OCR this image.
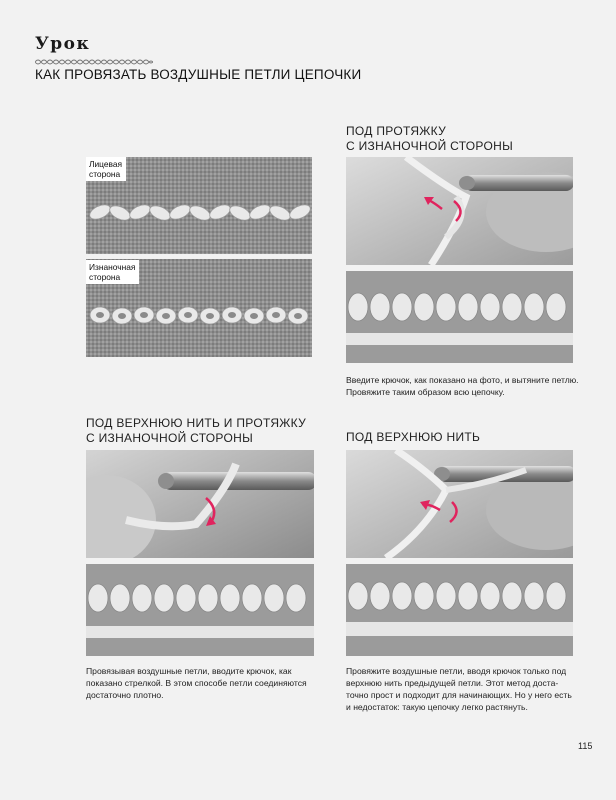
Урок
КАК ПРОВЯЗАТЬ ВОЗДУШНЫЕ ПЕТЛИ ЦЕПОЧКИ
Лицевая
сторона
Изнаночная
сторона
ПОД ПРОТЯЖКУ
С ИЗНАНОЧНОЙ СТОРОНЫ
Введите крючок, как показано на фото, и вытяните петлю.
Провяжите таким образом всю цепочку.
ПОД ВЕРХНЮЮ НИТЬ И ПРОТЯЖКУ
С ИЗНАНОЧНОЙ СТОРОНЫ
Провязывая воздушные петли, вводите крючок, как
показано стрелкой. В этом способе петли соединяются
достаточно плотно.
ПОД ВЕРХНЮЮ НИТЬ
Провяжите воздушные петли, вводя крючок только под
верхнюю нить предыдущей петли. Этот метод доста-
точно прост и подходит для начинающих. Но у него есть
и недостаток: такую цепочку легко растянуть.
115
